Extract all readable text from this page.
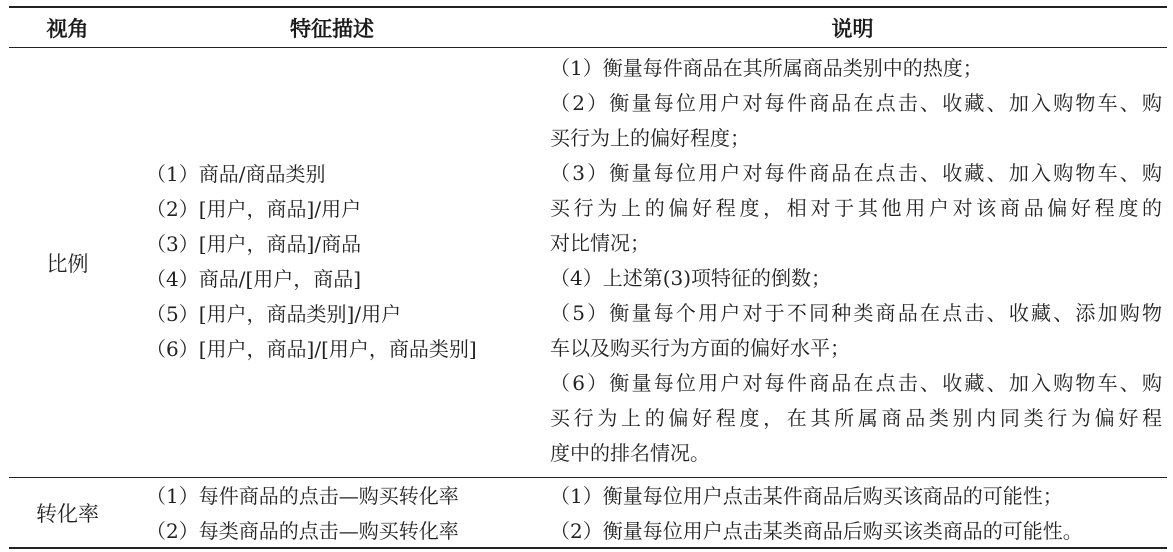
视角	特征描述	说明
比例
（1）商品/商品类别
（2）[用户，商品]/用户
（3）[用户，商品]/商品
（4）商品/[用户，商品]
（5）[用户，商品类别]/用户
（6）[用户，商品]/[用户，商品类别]
（1）衡量每件商品在其所属商品类别中的热度；
（2）衡量每位用户对每件商品在点击、收藏、加入购物车、购
买行为上的偏好程度；
（3）衡量每位用户对每件商品在点击、收藏、加入购物车、购
买行为上的偏好程度，相对于其他用户对该商品偏好程度的
对比情况；
（4）上述第(3)项特征的倒数；
（5）衡量每个用户对于不同种类商品在点击、收藏、添加购物
车以及购买行为方面的偏好水平；
（6）衡量每位用户对每件商品在点击、收藏、加入购物车、购
买行为上的偏好程度，在其所属商品类别内同类行为偏好程
度中的排名情况。
转化率
（1）每件商品的点击—购买转化率
（2）每类商品的点击—购买转化率
（1）衡量每位用户点击某件商品后购买该商品的可能性；
（2）衡量每位用户点击某类商品后购买该类商品的可能性。
